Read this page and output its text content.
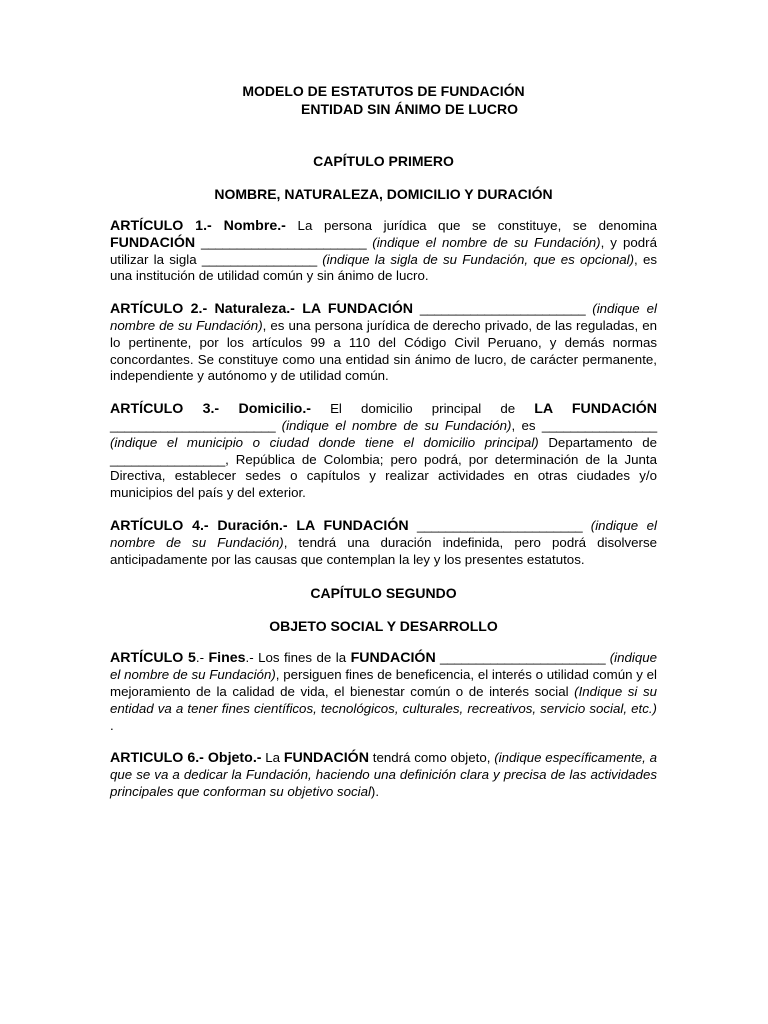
MODELO DE ESTATUTOS DE FUNDACIÓN
ENTIDAD SIN ÁNIMO DE LUCRO
CAPÍTULO PRIMERO
NOMBRE, NATURALEZA, DOMICILIO Y DURACIÓN

ARTÍCULO 1.- Nombre.- La persona jurídica que se constituye, se denomina FUNDACIÓN _______________________ (indique el nombre de su Fundación), y podrá utilizar la sigla ________________ (indique la sigla de su Fundación, que es opcional), es una institución de utilidad común y sin ánimo de lucro.

ARTÍCULO 2.- Naturaleza.- LA FUNDACIÓN _______________________ (indique el nombre de su Fundación), es una persona jurídica de derecho privado, de las reguladas, en lo pertinente, por los artículos 99 a 110 del Código Civil Peruano, y demás normas concordantes. Se constituye como una entidad sin ánimo de lucro, de carácter permanente, independiente y autónomo y de utilidad común.

ARTÍCULO 3.- Domicilio.- El domicilio principal de LA FUNDACIÓN _______________________ (indique el nombre de su Fundación), es ________________ (indique el municipio o ciudad donde tiene el domicilio principal) Departamento de ________________, República de Colombia; pero podrá, por determinación de la Junta Directiva, establecer sedes o capítulos y realizar actividades en otras ciudades y/o municipios del país y del exterior.

ARTÍCULO 4.- Duración.- LA FUNDACIÓN _______________________ (indique el nombre de su Fundación), tendrá una duración indefinida, pero podrá disolverse anticipadamente por las causas que contemplan la ley y los presentes estatutos.

CAPÍTULO SEGUNDO
OBJETO SOCIAL Y DESARROLLO

ARTÍCULO 5.- Fines.- Los fines de la FUNDACIÓN _______________________ (indique el nombre de su Fundación), persiguen fines de beneficencia, el interés o utilidad común y el mejoramiento de la calidad de vida, el bienestar común o de interés social (Indique si su entidad va a tener fines científicos, tecnológicos, culturales, recreativos, servicio social, etc.) .

ARTICULO 6.- Objeto.- La FUNDACIÓN tendrá como objeto, (indique específicamente, a que se va a dedicar la Fundación, haciendo una definición clara y precisa de las actividades principales que conforman su objetivo social).
